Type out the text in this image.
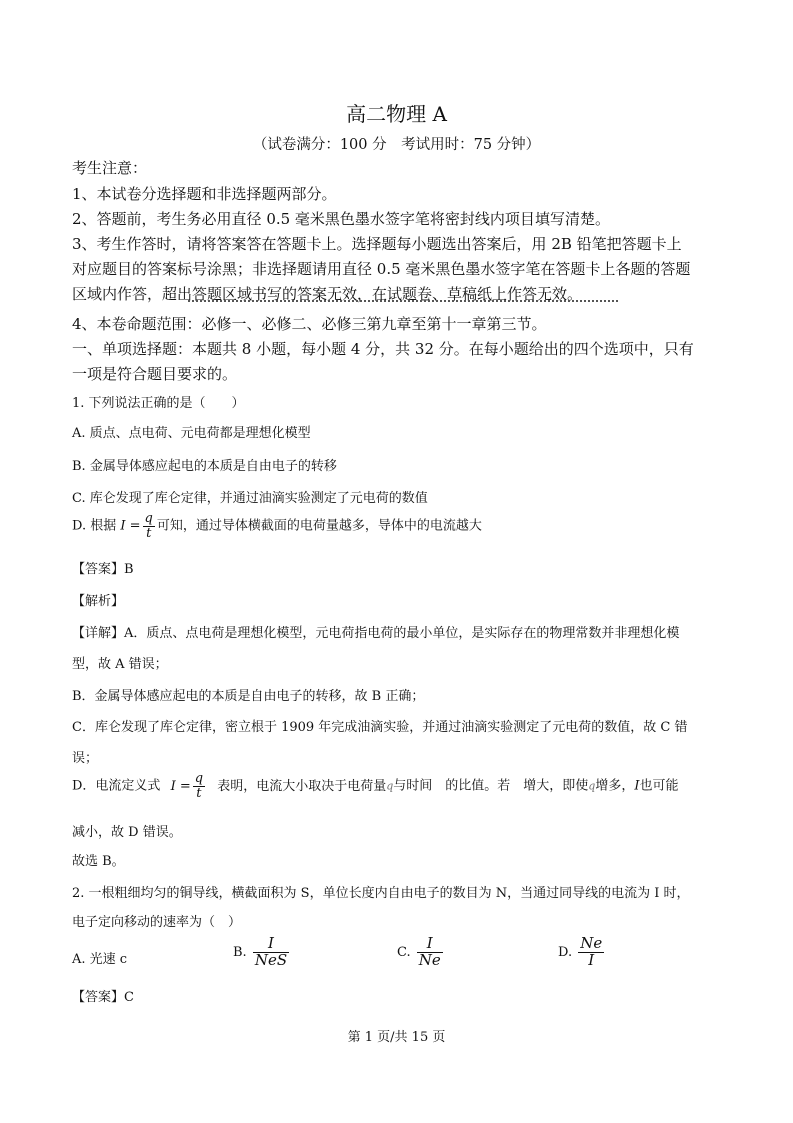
高二物理 A
（试卷满分：100 分　考试用时：75 分钟）
考生注意：
1、本试卷分选择题和非选择题两部分。
2、答题前，考生务必用直径 0.5 毫米黑色墨水签字笔将密封线内项目填写清楚。
3、考生作答时，请将答案答在答题卡上。选择题每小题选出答案后，用 2B 铅笔把答题卡上
对应题目的答案标号涂黑；非选择题请用直径 0.5 毫米黑色墨水签字笔在答题卡上各题的答题
区域内作答，超出答题区域书写的答案无效，在试题卷、草稿纸上作答无效。
4、本卷命题范围：必修一、必修二、必修三第九章至第十一章第三节。
一、单项选择题：本题共 8 小题，每小题 4 分，共 32 分。在每小题给出的四个选项中，只有
一项是符合题目要求的。
1. 下列说法正确的是（　　）
A. 质点、点电荷、元电荷都是理想化模型
B. 金属导体感应起电的本质是自由电子的转移
C. 库仑发现了库仑定律，并通过油滴实验测定了元电荷的数值
D. 根据 $I = \frac{q}{t}$ 可知，通过导体横截面的电荷量越多，导体中的电流越大
【答案】B
【解析】
【详解】A．质点、点电荷是理想化模型，元电荷指电荷的最小单位，是实际存在的物理常数并非理想化模
型，故 A 错误；
B．金属导体感应起电的本质是自由电子的转移，故 B 正确；
C．库仑发现了库仑定律，密立根于 1909 年完成油滴实验，并通过油滴实验测定了元电荷的数值，故 C 错
误；
D．电流定义式 $I = \frac{q}{t}$ 表明，电流大小取决于电荷量q与时间　的比值。若　增大，即使q增多，I也可能
减小，故 D 错误。
故选 B。
2. 一根粗细均匀的铜导线，横截面积为 S，单位长度内自由电子的数目为 N，当通过同导线的电流为 I 时，
电子定向移动的速率为（　）
A. 光速 c	B. $\frac{I}{\text{NeS}}$	C. $\frac{I}{Ne}$	D. $\frac{Ne}{I}$
【答案】C
第 1 页/共 15 页
